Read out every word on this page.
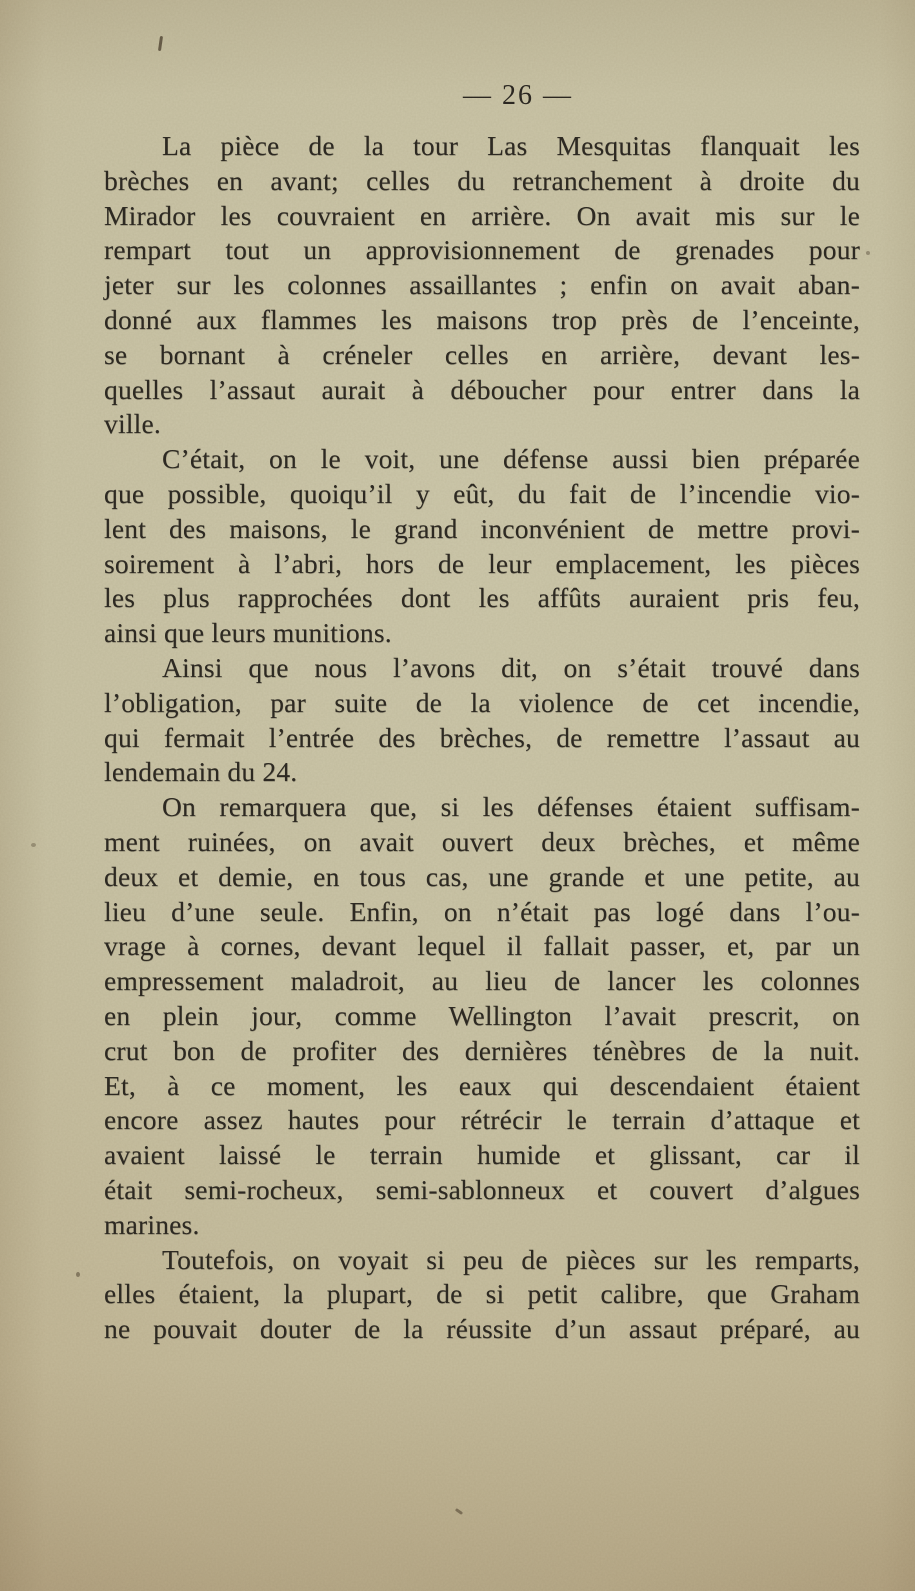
— 26 —
La pièce de la tour Las Mesquitas flanquait les
brèches en avant; celles du retranchement à droite du
Mirador les couvraient en arrière. On avait mis sur le
rempart tout un approvisionnement de grenades pour
jeter sur les colonnes assaillantes ; enfin on avait aban-
donné aux flammes les maisons trop près de l’enceinte,
se bornant à créneler celles en arrière, devant les-
quelles l’assaut aurait à déboucher pour entrer dans la
ville.
C’était, on le voit, une défense aussi bien préparée
que possible, quoiqu’il y eût, du fait de l’incendie vio-
lent des maisons, le grand inconvénient de mettre provi-
soirement à l’abri, hors de leur emplacement, les pièces
les plus rapprochées dont les affûts auraient pris feu,
ainsi que leurs munitions.
Ainsi que nous l’avons dit, on s’était trouvé dans
l’obligation, par suite de la violence de cet incendie,
qui fermait l’entrée des brèches, de remettre l’assaut au
lendemain du 24.
On remarquera que, si les défenses étaient suffisam-
ment ruinées, on avait ouvert deux brèches, et même
deux et demie, en tous cas, une grande et une petite, au
lieu d’une seule. Enfin, on n’était pas logé dans l’ou-
vrage à cornes, devant lequel il fallait passer, et, par un
empressement maladroit, au lieu de lancer les colonnes
en plein jour, comme Wellington l’avait prescrit, on
crut bon de profiter des dernières ténèbres de la nuit.
Et, à ce moment, les eaux qui descendaient étaient
encore assez hautes pour rétrécir le terrain d’attaque et
avaient laissé le terrain humide et glissant, car il
était semi-rocheux, semi-sablonneux et couvert d’algues
marines.
Toutefois, on voyait si peu de pièces sur les remparts,
elles étaient, la plupart, de si petit calibre, que Graham
ne pouvait douter de la réussite d’un assaut préparé, au
